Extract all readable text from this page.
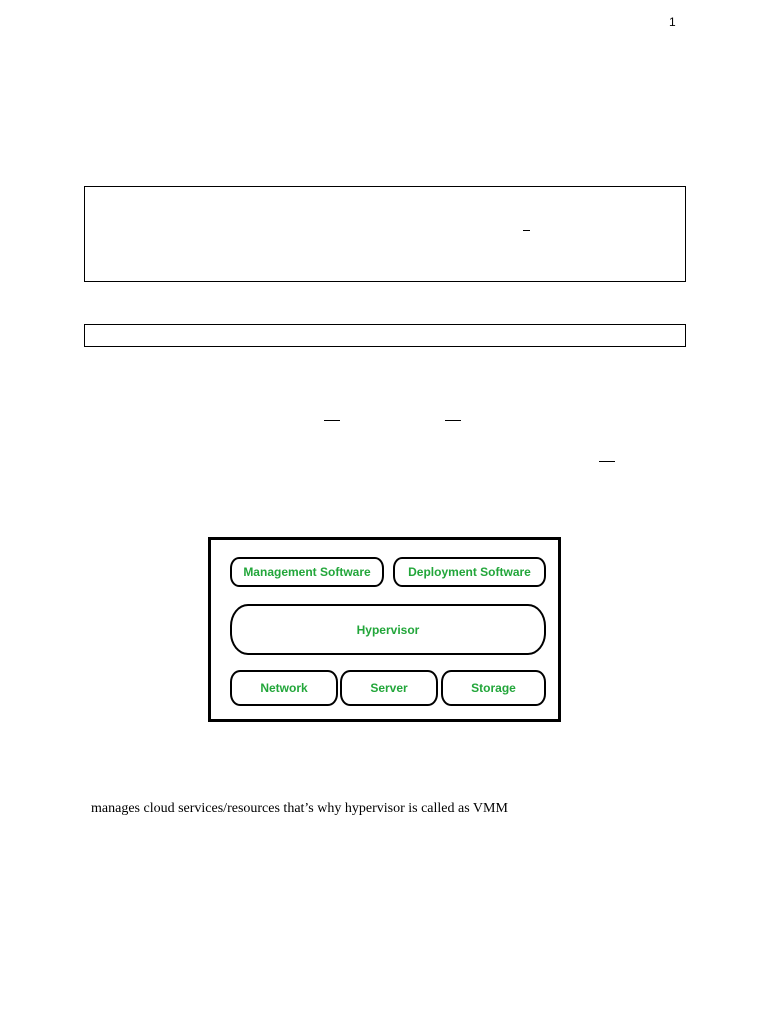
1
Management Software	Deployment Software
Hypervisor
Network	Server	Storage
manages cloud services/resources that’s why hypervisor is called as VMM
